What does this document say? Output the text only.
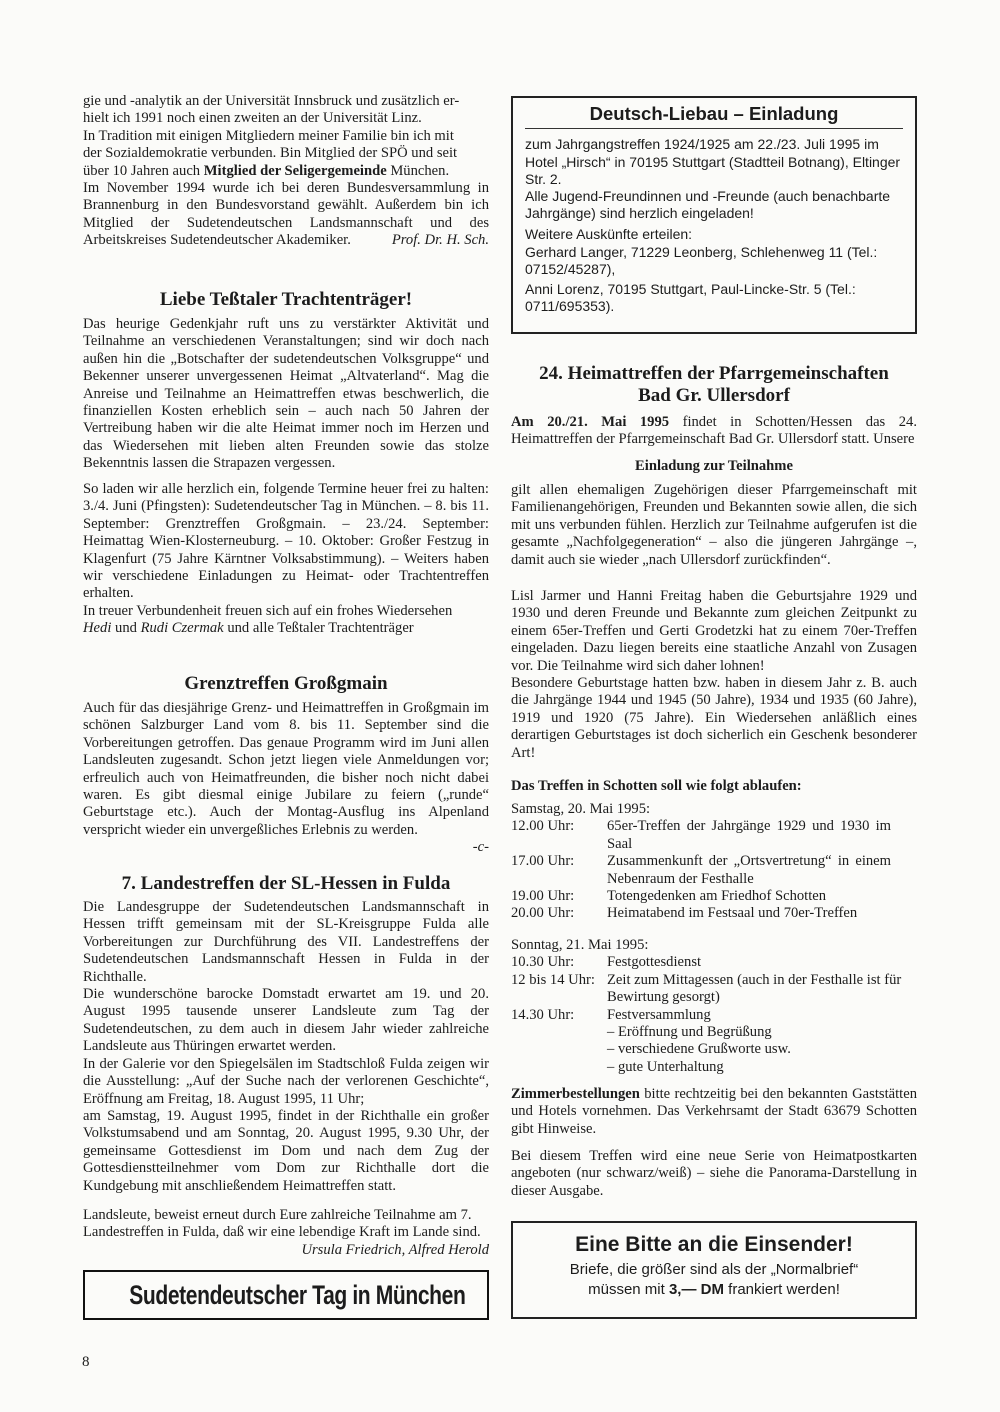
gie und -analytik an der Universität Innsbruck und zusätzlich er-
hielt ich 1991 noch einen zweiten an der Universität Linz.
In Tradition mit einigen Mitgliedern meiner Familie bin ich mit
der Sozialdemokratie verbunden. Bin Mitglied der SPÖ und seit
über 10 Jahren auch Mitglied der Seligergemeinde München.

Im November 1994 wurde ich bei deren Bundesversammlung in Brannenburg in den Bundesvorstand gewählt. Außerdem bin ich Mitglied der Sudetendeutschen Landsmannschaft und des Arbeitskreises Sudetendeutscher Akademiker.	Prof. Dr. H. Sch.

Liebe Teßtaler Trachtenträger!

Das heurige Gedenkjahr ruft uns zu verstärkter Aktivität und Teilnahme an verschiedenen Veranstaltungen; sind wir doch nach außen hin die „Botschafter der sudetendeutschen Volksgruppe“ und Bekenner unserer unvergessenen Heimat „Altvaterland“. Mag die Anreise und Teilnahme an Heimattreffen etwas beschwerlich, die finanziellen Kosten erheblich sein – auch nach 50 Jahren der Vertreibung haben wir die alte Heimat immer noch im Herzen und das Wiedersehen mit lieben alten Freunden sowie das stolze Bekenntnis lassen die Strapazen vergessen.

So laden wir alle herzlich ein, folgende Termine heuer frei zu halten: 3./4. Juni (Pfingsten): Sudetendeutscher Tag in München. – 8. bis 11. September: Grenztreffen Großgmain. – 23./24. September: Heimattag Wien-Klosterneuburg. – 10. Oktober: Großer Festzug in Klagenfurt (75 Jahre Kärntner Volksabstimmung). – Weiters haben wir verschiedene Einladungen zu Heimat- oder Trachtentreffen erhalten.

In treuer Verbundenheit freuen sich auf ein frohes Wiedersehen
Hedi und Rudi Czermak und alle Teßtaler Trachtenträger

Grenztreffen Großgmain

Auch für das diesjährige Grenz- und Heimattreffen in Großgmain im schönen Salzburger Land vom 8. bis 11. September sind die Vorbereitungen getroffen. Das genaue Programm wird im Juni allen Landsleuten zugesandt. Schon jetzt liegen viele Anmeldungen vor; erfreulich auch von Heimatfreunden, die bisher noch nicht dabei waren. Es gibt diesmal einige Jubilare zu feiern („runde“ Geburtstage etc.). Auch der Montag-Ausflug ins Alpenland verspricht wieder ein unvergeßliches Erlebnis zu werden.
-c-

7. Landestreffen der SL-Hessen in Fulda

Die Landesgruppe der Sudetendeutschen Landsmannschaft in Hessen trifft gemeinsam mit der SL-Kreisgruppe Fulda alle Vorbereitungen zur Durchführung des VII. Landestreffens der Sudetendeutschen Landsmannschaft Hessen in Fulda in der Richthalle.

Die wunderschöne barocke Domstadt erwartet am 19. und 20. August 1995 tausende unserer Landsleute zum Tag der Sudetendeutschen, zu dem auch in diesem Jahr wieder zahlreiche Landsleute aus Thüringen erwartet werden.

In der Galerie vor den Spiegelsälen im Stadtschloß Fulda zeigen wir die Ausstellung: „Auf der Suche nach der verlorenen Geschichte“, Eröffnung am Freitag, 18. August 1995, 11 Uhr;

am Samstag, 19. August 1995, findet in der Richthalle ein großer Volkstumsabend und am Sonntag, 20. August 1995, 9.30 Uhr, der gemeinsame Gottesdienst im Dom und nach dem Zug der Gottesdienstteilnehmer vom Dom zur Richthalle dort die Kundgebung mit anschließendem Heimattreffen statt.

Landsleute, beweist erneut durch Eure zahlreiche Teilnahme am 7. Landestreffen in Fulda, daß wir eine lebendige Kraft im Lande sind.
Ursula Friedrich, Alfred Herold

Sudetendeutscher Tag in München
Deutsch-Liebau – Einladung

zum Jahrgangstreffen 1924/1925 am 22./23. Juli 1995 im Hotel „Hirsch“ in 70195 Stuttgart (Stadtteil Botnang), Eltinger Str. 2.

Alle Jugend-Freundinnen und -Freunde (auch benachbarte Jahrgänge) sind herzlich eingeladen!

Weitere Auskünfte erteilen:

Gerhard Langer, 71229 Leonberg, Schlehenweg 11 (Tel.: 07152/45287),

Anni Lorenz, 70195 Stuttgart, Paul-Lincke-Str. 5 (Tel.: 0711/695353).

24. Heimattreffen der Pfarrgemeinschaften
Bad Gr. Ullersdorf

Am 20./21. Mai 1995 findet in Schotten/Hessen das 24. Heimattreffen der Pfarrgemeinschaft Bad Gr. Ullersdorf statt. Unsere

Einladung zur Teilnahme

gilt allen ehemaligen Zugehörigen dieser Pfarrgemeinschaft mit Familienangehörigen, Freunden und Bekannten sowie allen, die sich mit uns verbunden fühlen. Herzlich zur Teilnahme aufgerufen ist die gesamte „Nachfolgegeneration“ – also die jüngeren Jahrgänge –, damit auch sie wieder „nach Ullersdorf zurückfinden“.

Lisl Jarmer und Hanni Freitag haben die Geburtsjahre 1929 und 1930 und deren Freunde und Bekannte zum gleichen Zeitpunkt zu einem 65er-Treffen und Gerti Grodetzki hat zu einem 70er-Treffen eingeladen. Dazu liegen bereits eine staatliche Anzahl von Zusagen vor. Die Teilnahme wird sich daher lohnen!

Besondere Geburtstage hatten bzw. haben in diesem Jahr z. B. auch die Jahrgänge 1944 und 1945 (50 Jahre), 1934 und 1935 (60 Jahre), 1919 und 1920 (75 Jahre). Ein Wiedersehen anläßlich eines derartigen Geburtstages ist doch sicherlich ein Geschenk besonderer Art!

Das Treffen in Schotten soll wie folgt ablaufen:
Samstag, 20. Mai 1995:
12.00 Uhr:	65er-Treffen der Jahrgänge 1929 und 1930 im Saal
17.00 Uhr:	Zusammenkunft der „Ortsvertretung“ in einem Nebenraum der Festhalle
19.00 Uhr:	Totengedenken am Friedhof Schotten
20.00 Uhr:	Heimatabend im Festsaal und 70er-Treffen
Sonntag, 21. Mai 1995:
10.30 Uhr:	Festgottesdienst
12 bis 14 Uhr: Zeit zum Mittagessen (auch in der Festhalle ist für Bewirtung gesorgt)
14.30 Uhr:	Festversammlung
– Eröffnung und Begrüßung
– verschiedene Grußworte usw.
– gute Unterhaltung

Zimmerbestellungen bitte rechtzeitig bei den bekannten Gaststätten und Hotels vornehmen. Das Verkehrsamt der Stadt 63679 Schotten gibt Hinweise.

Bei diesem Treffen wird eine neue Serie von Heimatpostkarten angeboten (nur schwarz/weiß) – siehe die Panorama-Darstellung in dieser Ausgabe.

Eine Bitte an die Einsender!
Briefe, die größer sind als der „Normalbrief“
müssen mit 3,— DM frankiert werden!
8
